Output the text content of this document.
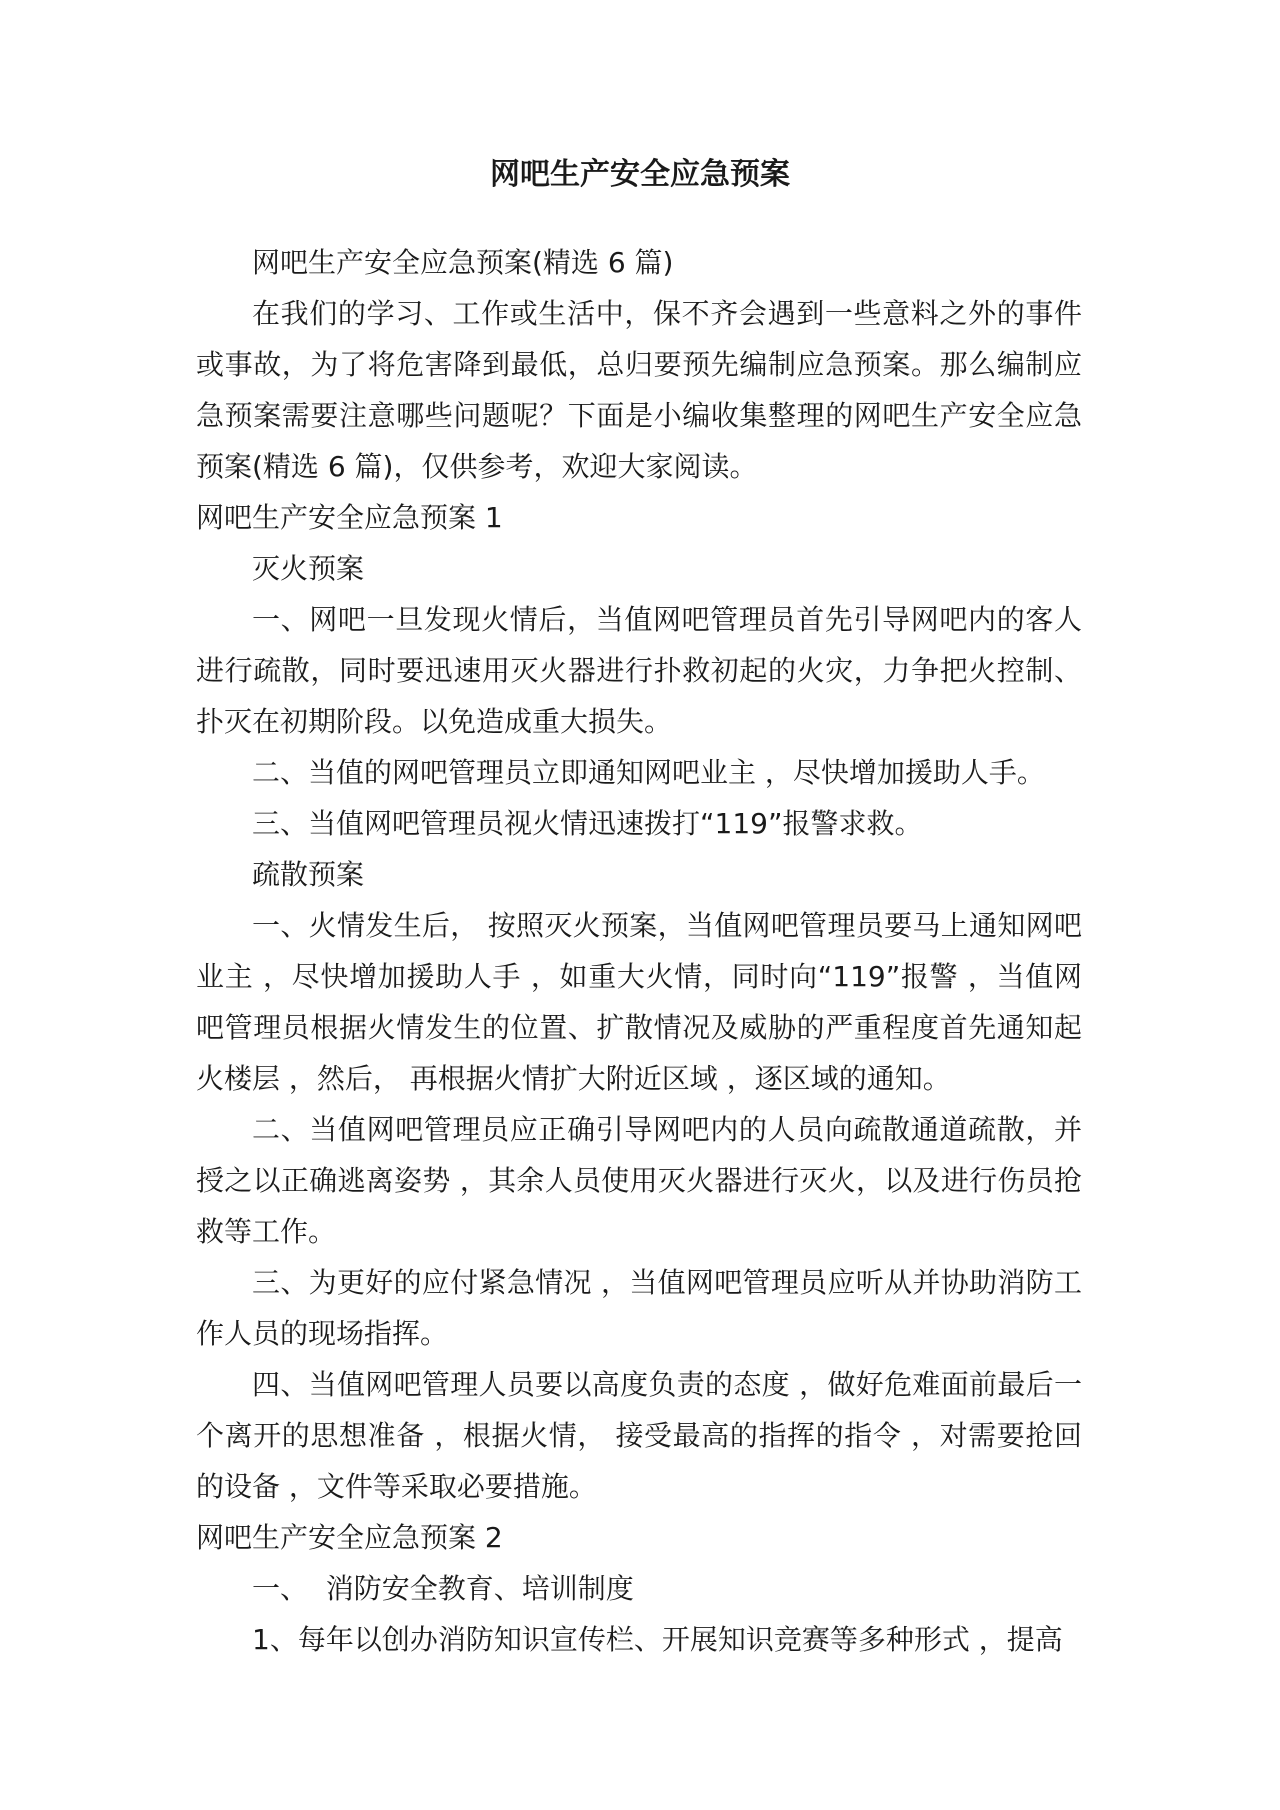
网吧生产安全应急预案

网吧生产安全应急预案(精选 6 篇)

在我们的学习、工作或生活中，保不齐会遇到一些意料之外的事件或事故，为了将危害降到最低，总归要预先编制应急预案。那么编制应急预案需要注意哪些问题呢？下面是小编收集整理的网吧生产安全应急预案(精选 6 篇)，仅供参考，欢迎大家阅读。

网吧生产安全应急预案 1

灭火预案

一、网吧一旦发现火情后，当值网吧管理员首先引导网吧内的客人进行疏散，同时要迅速用灭火器进行扑救初起的火灾，力争把火控制、扑灭在初期阶段。以免造成重大损失。

二、当值的网吧管理员立即通知网吧业主 ，尽快增加援助人手。

三、当值网吧管理员视火情迅速拨打“119”报警求救。

疏散预案

一、火情发生后， 按照灭火预案，当值网吧管理员要马上通知网吧业主 ，尽快增加援助人手 ，如重大火情，同时向“119”报警 ，当值网吧管理员根据火情发生的位置、扩散情况及威胁的严重程度首先通知起火楼层 ，然后， 再根据火情扩大附近区域 ，逐区域的通知。

二、当值网吧管理员应正确引导网吧内的人员向疏散通道疏散，并授之以正确逃离姿势 ，其余人员使用灭火器进行灭火，以及进行伤员抢救等工作。

三、为更好的应付紧急情况 ，当值网吧管理员应听从并协助消防工作人员的现场指挥。

四、当值网吧管理人员要以高度负责的态度 ，做好危难面前最后一个离开的思想准备 ，根据火情， 接受最高的指挥的指令 ，对需要抢回的设备 ，文件等采取必要措施。

网吧生产安全应急预案 2

一、  消防安全教育、培训制度

1、每年以创办消防知识宣传栏、开展知识竞赛等多种形式 ，提高
